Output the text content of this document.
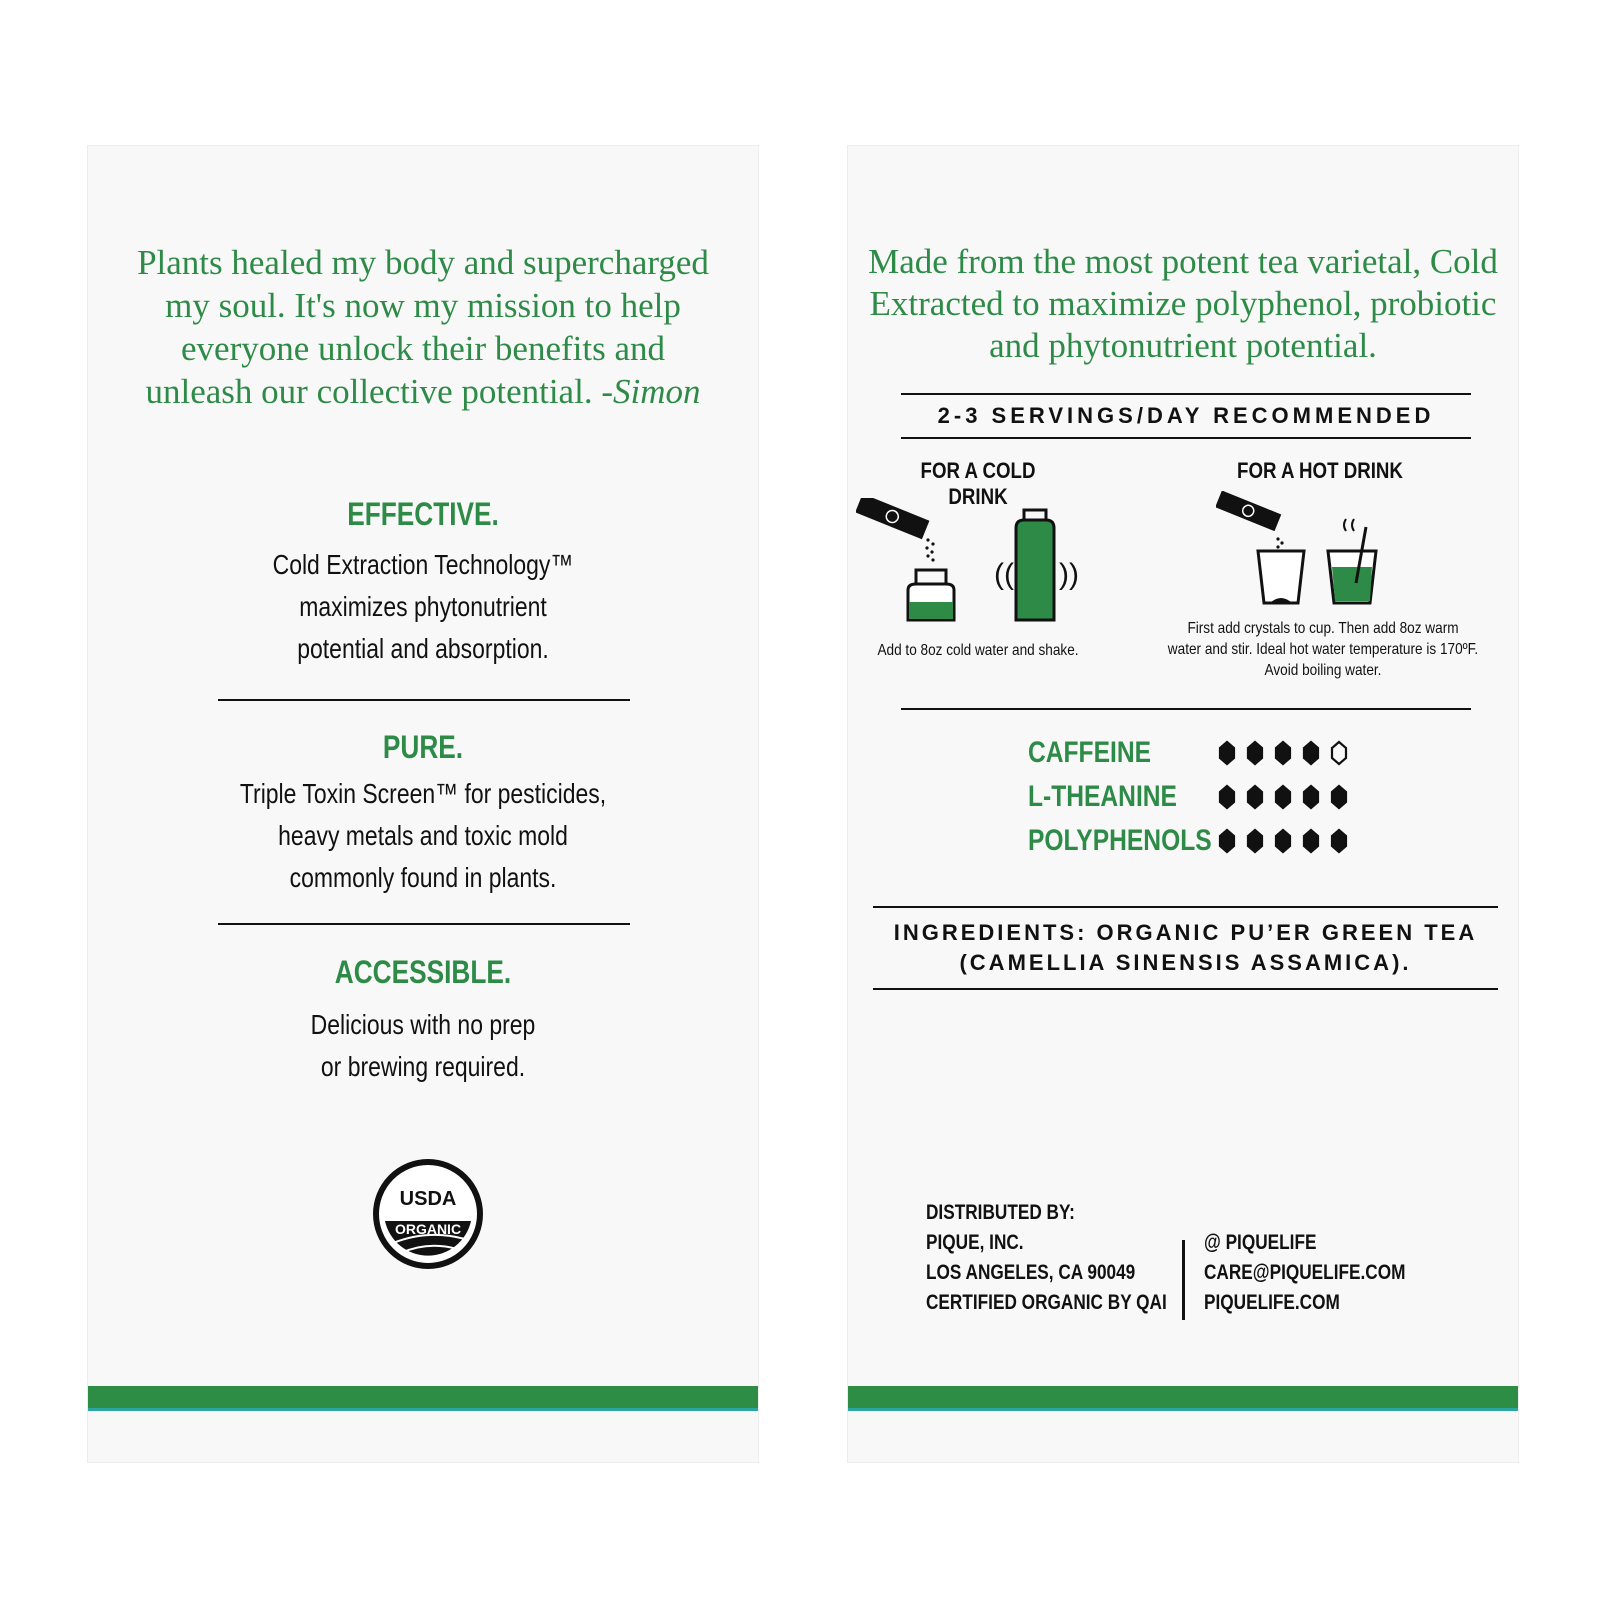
Plants healed my body and supercharged my soul. It's now my mission to help everyone unlock their benefits and unleash our collective potential. -Simon
EFFECTIVE.
Cold Extraction Technology™
maximizes phytonutrient
potential and absorption.
PURE.
Triple Toxin Screen™ for pesticides,
heavy metals and toxic mold
commonly found in plants.
ACCESSIBLE.
Delicious with no prep
or brewing required.
USDA
ORGANIC
Made from the most potent tea varietal, Cold Extracted to maximize polyphenol, probiotic and phytonutrient potential.
2-3 SERVINGS/DAY RECOMMENDED
FOR A COLD DRINK
(( ))
Add to 8oz cold water and shake.
FOR A HOT DRINK
First add crystals to cup. Then add 8oz warm
water and stir. Ideal hot water temperature is 170ºF.
Avoid boiling water.
CAFFEINE
L-THEANINE
POLYPHENOLS
INGREDIENTS: ORGANIC PU’ER GREEN TEA
(CAMELLIA SINENSIS ASSAMICA).
DISTRIBUTED BY:
PIQUE, INC.
LOS ANGELES, CA 90049
CERTIFIED ORGANIC BY QAI
@ PIQUELIFE
CARE@PIQUELIFE.COM
PIQUELIFE.COM
